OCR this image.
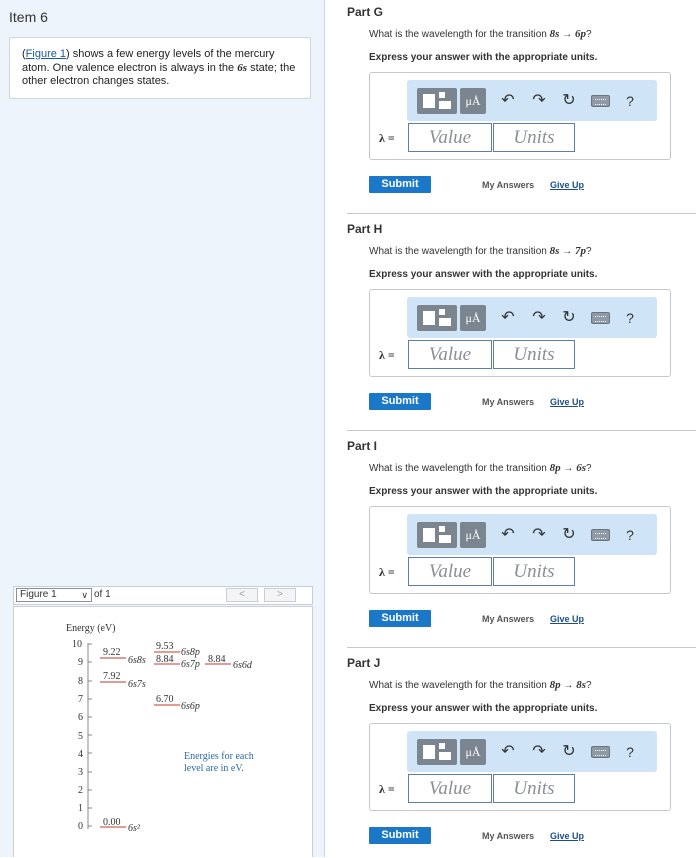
Item 6
(Figure 1) shows a few energy levels of the mercury atom. One valence electron is always in the 6s state; the other electron changes states.
Figure 1	∨ of 1	<	>
Energy (eV)
10
9
8
7
6
5
4
3
2
1
0
9.22
6s8s
7.92
6s7s
9.53
6s8p
8.84 6s7p 8.84
6s6d
6.70
6s6p
0.00
6s²
Energies for each
level are in eV.
Part G
What is the wavelength for the transition 8s → 6p?
Express your answer with the appropriate units.
μÅ	↶ ↷ ↻	?
λ =	Value	Units
Submit	My Answers Give Up
Part H
What is the wavelength for the transition 8s → 7p?
Express your answer with the appropriate units.
μÅ	↶ ↷ ↻	?
λ =	Value	Units
Submit	My Answers Give Up
Part I
What is the wavelength for the transition 8p → 6s?
Express your answer with the appropriate units.
μÅ	↶ ↷ ↻	?
λ =	Value	Units
Submit	My Answers Give Up
Part J
What is the wavelength for the transition 8p → 8s?
Express your answer with the appropriate units.
μÅ	↶ ↷ ↻	?
λ =	Value	Units
Submit	My Answers Give Up
